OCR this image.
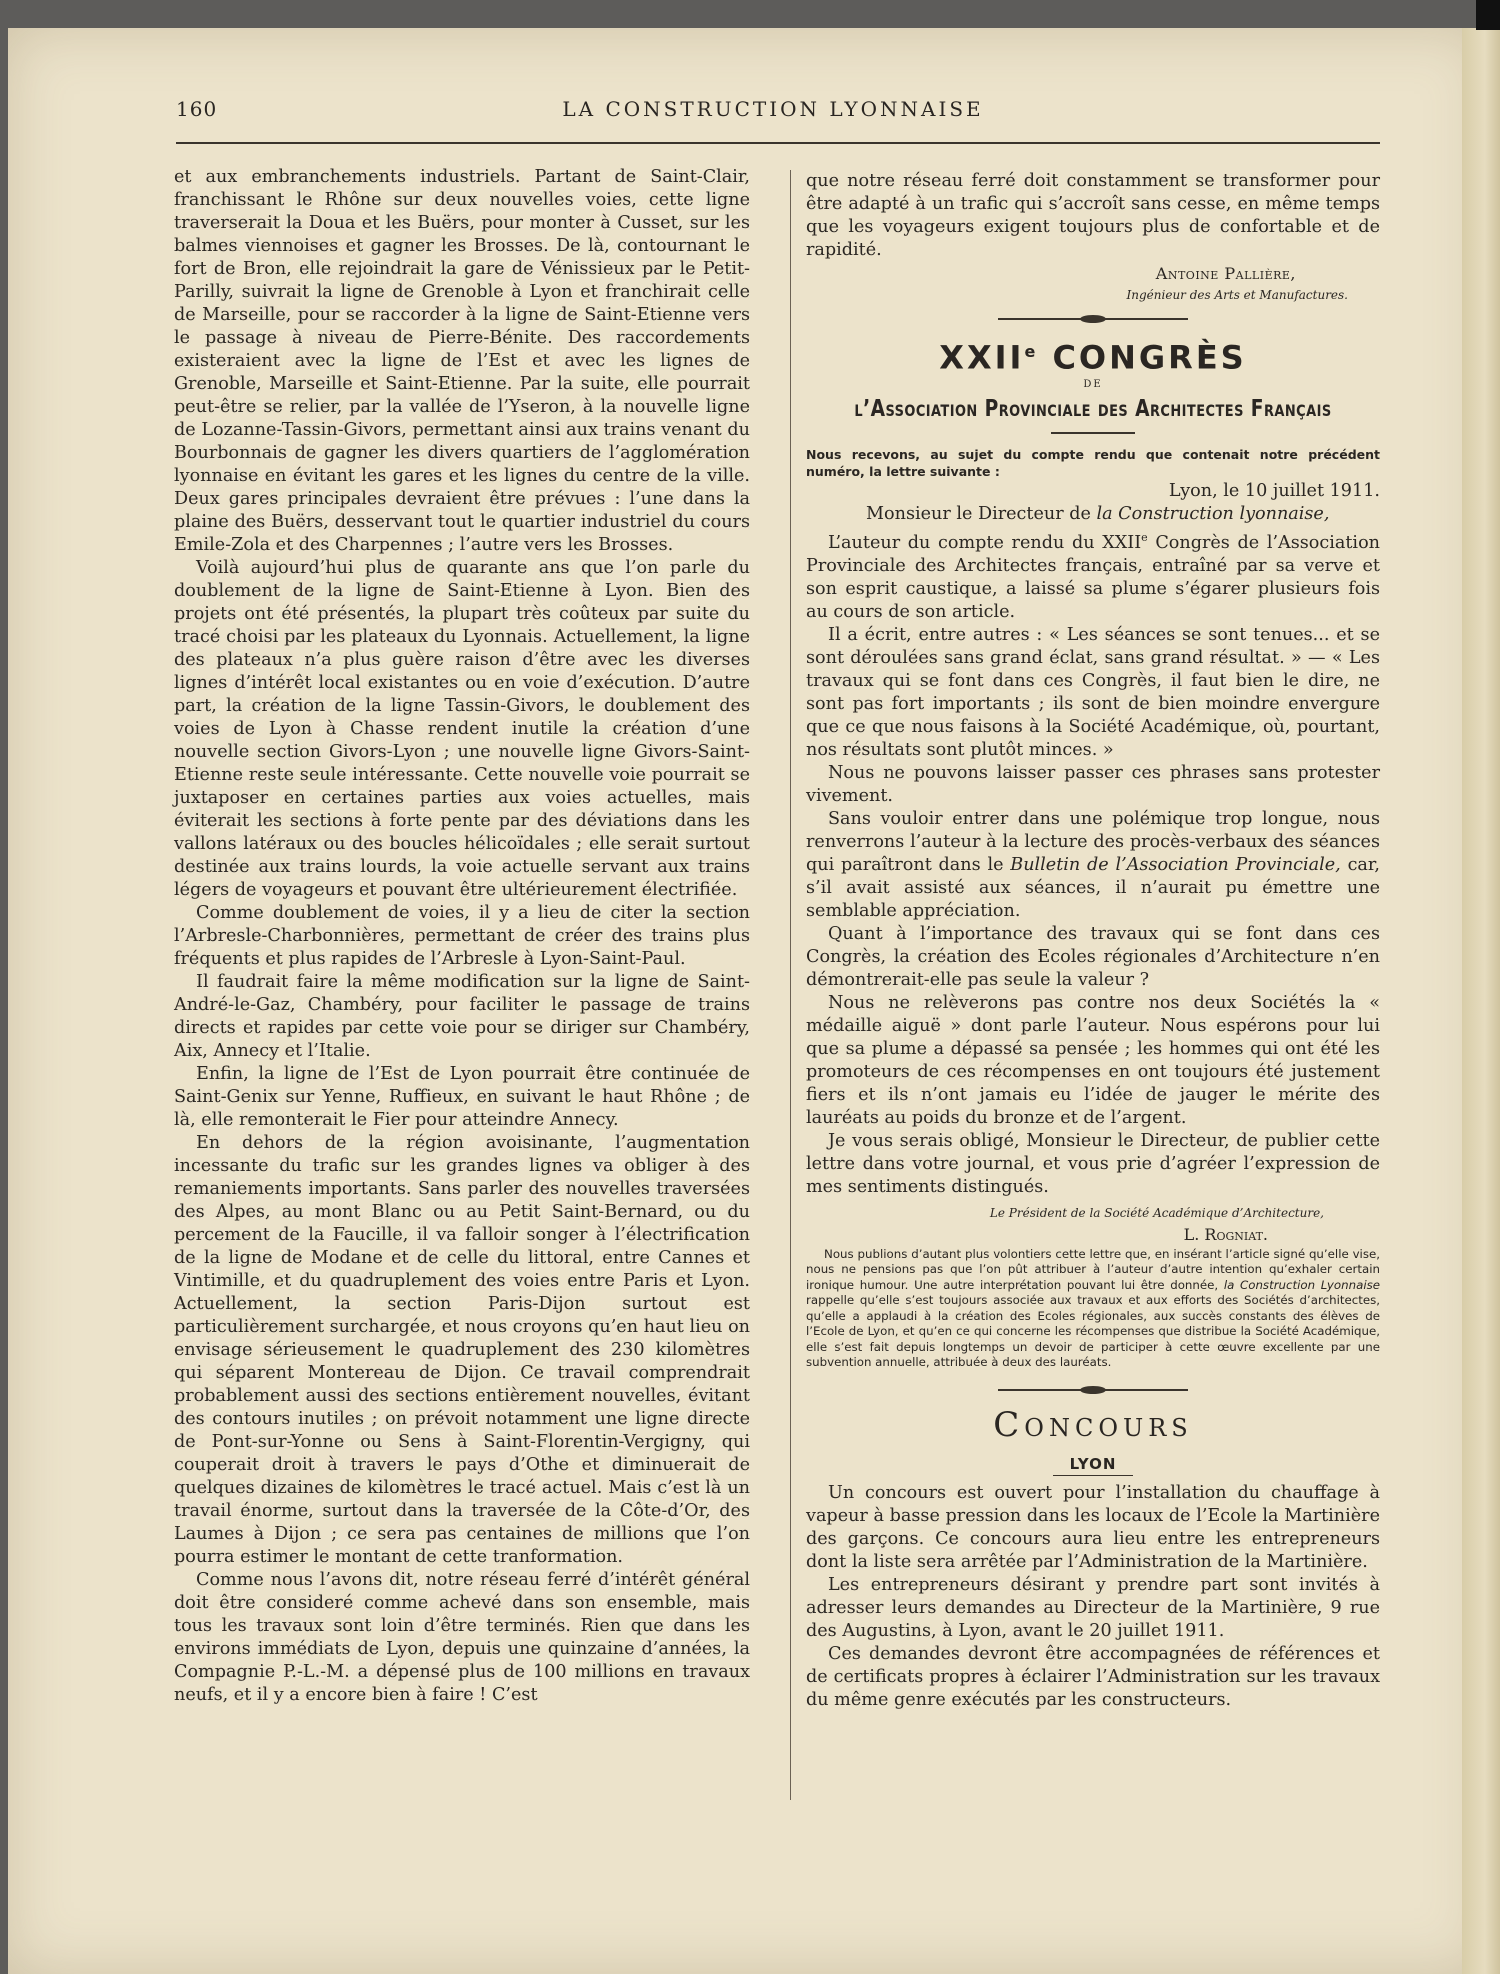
160	LA CONSTRUCTION LYONNAISE

et aux embranchements industriels. Partant de Saint-Clair, franchissant le Rhône sur deux nouvelles voies, cette ligne traverserait la Doua et les Buërs, pour monter à Cusset, sur les balmes viennoises et gagner les Brosses. De là, contournant le fort de Bron, elle rejoindrait la gare de Vénissieux par le Petit-Parilly, suivrait la ligne de Grenoble à Lyon et franchirait celle de Marseille, pour se raccorder à la ligne de Saint-Etienne vers le passage à niveau de Pierre-Bénite. Des raccordements existeraient avec la ligne de l’Est et avec les lignes de Grenoble, Marseille et Saint-Etienne. Par la suite, elle pourrait peut-être se relier, par la vallée de l’Yseron, à la nouvelle ligne de Lozanne-Tassin-Givors, permettant ainsi aux trains venant du Bourbonnais de gagner les divers quartiers de l’agglomération lyonnaise en évitant les gares et les lignes du centre de la ville. Deux gares principales devraient être prévues : l’une dans la plaine des Buërs, desservant tout le quartier industriel du cours Emile-Zola et des Charpennes ; l’autre vers les Brosses.

Voilà aujourd’hui plus de quarante ans que l’on parle du doublement de la ligne de Saint-Etienne à Lyon. Bien des projets ont été présentés, la plupart très coûteux par suite du tracé choisi par les plateaux du Lyonnais. Actuellement, la ligne des plateaux n’a plus guère raison d’être avec les diverses lignes d’intérêt local existantes ou en voie d’exécution. D’autre part, la création de la ligne Tassin-Givors, le doublement des voies de Lyon à Chasse rendent inutile la création d’une nouvelle section Givors-Lyon ; une nouvelle ligne Givors-Saint-Etienne reste seule intéressante. Cette nouvelle voie pourrait se juxtaposer en certaines parties aux voies actuelles, mais éviterait les sections à forte pente par des déviations dans les vallons latéraux ou des boucles hélicoïdales ; elle serait surtout destinée aux trains lourds, la voie actuelle servant aux trains légers de voyageurs et pouvant être ultérieurement électrifiée.

Comme doublement de voies, il y a lieu de citer la section l’Arbresle-Charbonnières, permettant de créer des trains plus fréquents et plus rapides de l’Arbresle à Lyon-Saint-Paul.

Il faudrait faire la même modification sur la ligne de Saint-André-le-Gaz, Chambéry, pour faciliter le passage de trains directs et rapides par cette voie pour se diriger sur Chambéry, Aix, Annecy et l’Italie.

Enfin, la ligne de l’Est de Lyon pourrait être continuée de Saint-Genix sur Yenne, Ruffieux, en suivant le haut Rhône ; de là, elle remonterait le Fier pour atteindre Annecy.

En dehors de la région avoisinante, l’augmentation incessante du trafic sur les grandes lignes va obliger à des remaniements importants. Sans parler des nouvelles traversées des Alpes, au mont Blanc ou au Petit Saint-Bernard, ou du percement de la Faucille, il va falloir songer à l’électrification de la ligne de Modane et de celle du littoral, entre Cannes et Vintimille, et du quadruplement des voies entre Paris et Lyon. Actuellement, la section Paris-Dijon surtout est particulièrement surchargée, et nous croyons qu’en haut lieu on envisage sérieusement le quadruplement des 230 kilomètres qui séparent Montereau de Dijon. Ce travail comprendrait probablement aussi des sections entièrement nouvelles, évitant des contours inutiles ; on prévoit notamment une ligne directe de Pont-sur-Yonne ou Sens à Saint-Florentin-Vergigny, qui couperait droit à travers le pays d’Othe et diminuerait de quelques dizaines de kilomètres le tracé actuel. Mais c’est là un travail énorme, surtout dans la traversée de la Côte-d’Or, des Laumes à Dijon ; ce sera pas centaines de millions que l’on pourra estimer le montant de cette tranformation.

Comme nous l’avons dit, notre réseau ferré d’intérêt général doit être consideré comme achevé dans son ensemble, mais tous les travaux sont loin d’être terminés. Rien que dans les environs immédiats de Lyon, depuis une quinzaine d’années, la Compagnie P.-L.-M. a dépensé plus de 100 millions en travaux neufs, et il y a encore bien à faire ! C’est

que notre réseau ferré doit constamment se transformer pour être adapté à un trafic qui s’accroît sans cesse, en même temps que les voyageurs exigent toujours plus de confortable et de rapidité.

Antoine Pallière,
Ingénieur des Arts et Manufactures.
XXIIe CONGRÈS
DE
l’Association Provinciale des Architectes Français

Nous recevons, au sujet du compte rendu que contenait notre précédent numéro, la lettre suivante :

Lyon, le 10 juillet 1911.

Monsieur le Directeur de la Construction lyonnaise,

L’auteur du compte rendu du XXIIe Congrès de l’Association Provinciale des Architectes français, entraîné par sa verve et son esprit caustique, a laissé sa plume s’égarer plusieurs fois au cours de son article.

Il a écrit, entre autres : « Les séances se sont tenues... et se sont déroulées sans grand éclat, sans grand résultat. » — « Les travaux qui se font dans ces Congrès, il faut bien le dire, ne sont pas fort importants ; ils sont de bien moindre envergure que ce que nous faisons à la Société Académique, où, pourtant, nos résultats sont plutôt minces. »

Nous ne pouvons laisser passer ces phrases sans protester vivement.

Sans vouloir entrer dans une polémique trop longue, nous renverrons l’auteur à la lecture des procès-verbaux des séances qui paraîtront dans le Bulletin de l’Association Provinciale, car, s’il avait assisté aux séances, il n’aurait pu émettre une semblable appréciation.

Quant à l’importance des travaux qui se font dans ces Congrès, la création des Ecoles régionales d’Architecture n’en démontrerait-elle pas seule la valeur ?

Nous ne relèverons pas contre nos deux Sociétés la « médaille aiguë » dont parle l’auteur. Nous espérons pour lui que sa plume a dépassé sa pensée ; les hommes qui ont été les promoteurs de ces récompenses en ont toujours été justement fiers et ils n’ont jamais eu l’idée de jauger le mérite des lauréats au poids du bronze et de l’argent.

Je vous serais obligé, Monsieur le Directeur, de publier cette lettre dans votre journal, et vous prie d’agréer l’expression de mes sentiments distingués.

Le Président de la Société Académique d’Architecture,
L. Rogniat.

Nous publions d’autant plus volontiers cette lettre que, en insérant l’article signé qu’elle vise, nous ne pensions pas que l’on pût attribuer à l’auteur d’autre intention qu’exhaler certain ironique humour. Une autre interprétation pouvant lui être donnée, la Construction Lyonnaise rappelle qu’elle s’est toujours associée aux travaux et aux efforts des Sociétés d’architectes, qu’elle a applaudi à la création des Ecoles régionales, aux succès constants des élèves de l’Ecole de Lyon, et qu’en ce qui concerne les récompenses que distribue la Société Académique, elle s’est fait depuis longtemps un devoir de participer à cette œuvre excellente par une subvention annuelle, attribuée à deux des lauréats.

Concours
LYON

Un concours est ouvert pour l’installation du chauffage à vapeur à basse pression dans les locaux de l’Ecole la Martinière des garçons. Ce concours aura lieu entre les entrepreneurs dont la liste sera arrêtée par l’Administration de la Martinière.

Les entrepreneurs désirant y prendre part sont invités à adresser leurs demandes au Directeur de la Martinière, 9 rue des Augustins, à Lyon, avant le 20 juillet 1911.

Ces demandes devront être accompagnées de références et de certificats propres à éclairer l’Administration sur les travaux du même genre exécutés par les constructeurs.
